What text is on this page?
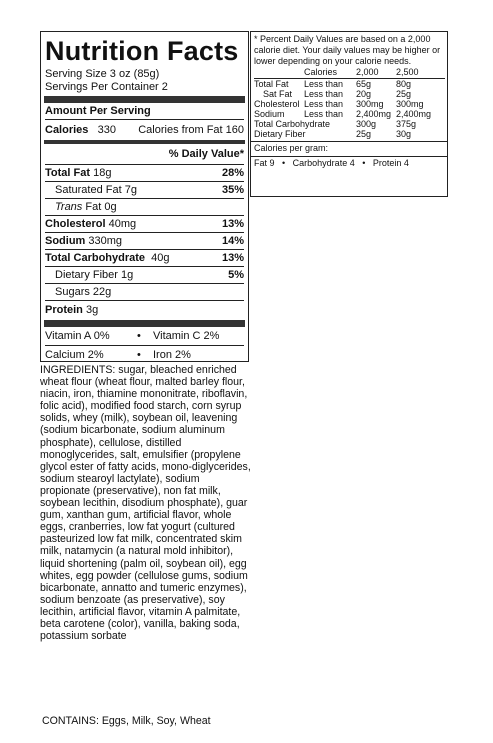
Nutrition Facts
Serving Size 3 oz (85g)
Servings Per Container 2
Amount Per Serving
Calories 330 Calories from Fat 160
% Daily Value*
Total Fat 18g	28%
Saturated Fat 7g	35%
Trans Fat 0g
Cholesterol 40mg	13%
Sodium 330mg	14%
Total Carbohydrate 40g	13%
Dietary Fiber 1g	5%
Sugars 22g
Protein 3g
Vitamin A 0%	•	Vitamin C 2%
Calcium 2%	•	Iron 2%
* Percent Daily Values are based on a 2,000 calorie diet. Your daily values may be higher or lower depending on your calorie needs.
	Calories	2,000	2,500
Total Fat	Less than	65g	80g
Sat Fat	Less than	20g	25g
Cholesterol	Less than	300mg	300mg
Sodium	Less than	2,400mg	2,400mg
Total Carbohydrate		300g	375g
Dietary Fiber		25g	30g
Calories per gram:
Fat 9   •   Carbohydrate 4   •   Protein 4
INGREDIENTS: sugar, bleached enriched wheat flour (wheat flour, malted barley flour, niacin, iron, thiamine mononitrate, riboflavin, folic acid), modified food starch, corn syrup solids, whey (milk), soybean oil, leavening (sodium bicarbonate, sodium aluminum phosphate), cellulose, distilled monoglycerides, salt, emulsifier (propylene glycol ester of fatty acids, mono-diglycerides, sodium stearoyl lactylate), sodium propionate (preservative), non fat milk, soybean lecithin, disodium phosphate), guar gum, xanthan gum, artificial flavor, whole eggs, cranberries, low fat yogurt (cultured pasteurized low fat milk, concentrated skim milk, natamycin (a natural mold inhibitor), liquid shortening (palm oil, soybean oil), egg whites, egg powder (cellulose gums, sodium bicarbonate, annatto and tumeric enzymes), sodium benzoate (as preservative), soy lecithin, artificial flavor, vitamin A palmitate, beta carotene (color), vanilla, baking soda, potassium sorbate
CONTAINS: Eggs, Milk, Soy, Wheat
